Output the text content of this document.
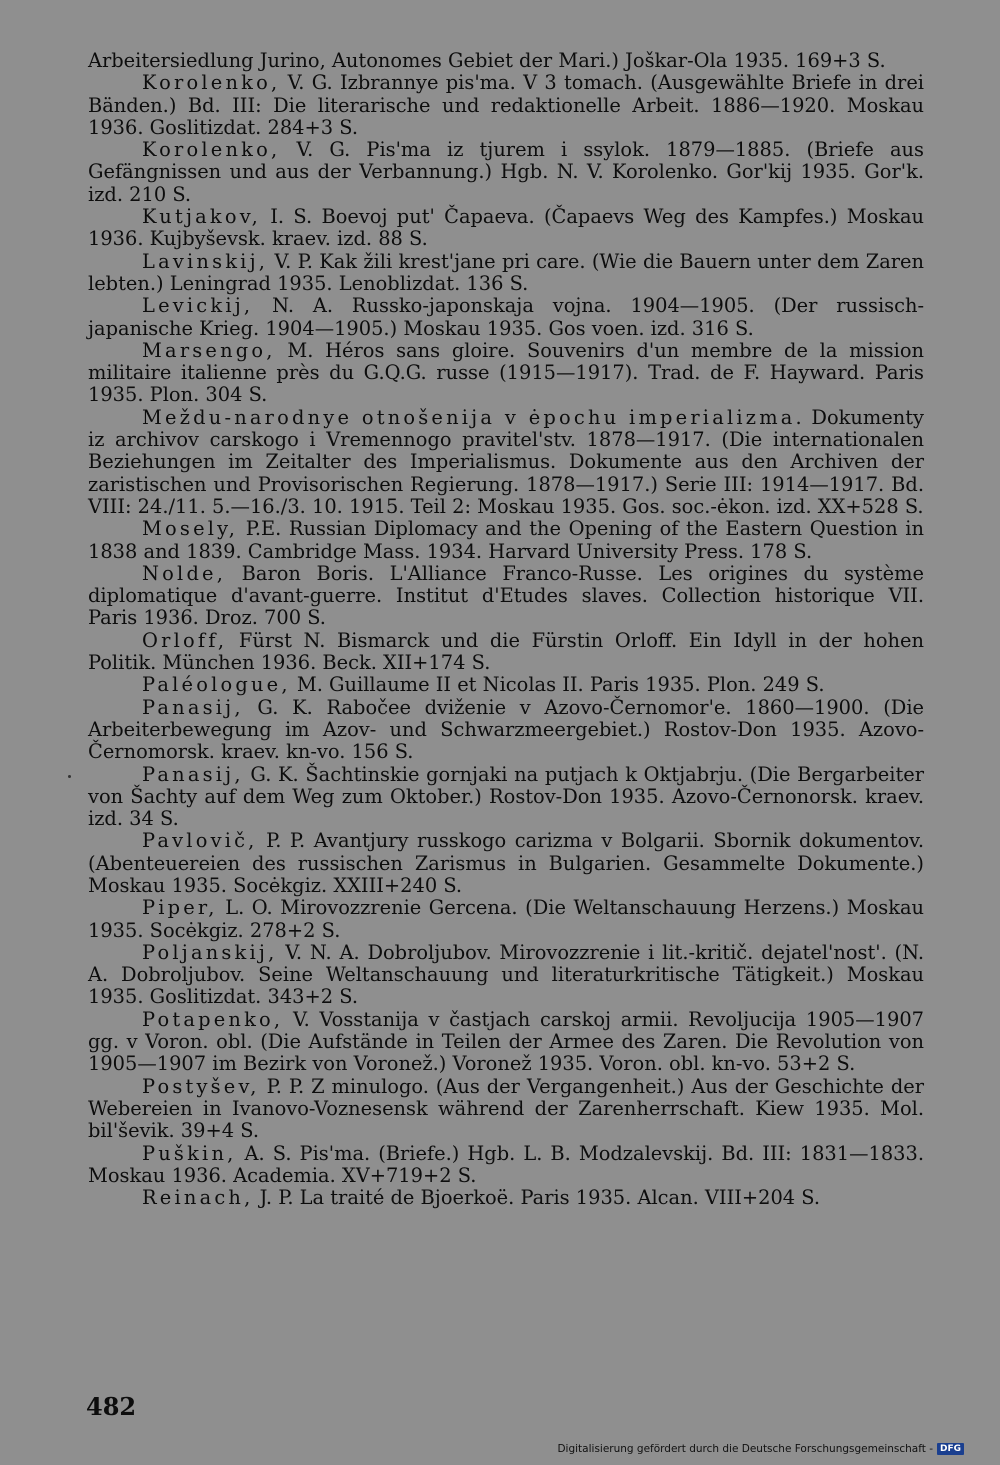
Arbeitersiedlung Jurino, Autonomes Gebiet der Mari.) Joškar-Ola 1935. 169+3 S.

Korolenko, V. G. Izbrannye pis'ma. V 3 tomach. (Ausgewählte Briefe in drei Bänden.) Bd. III: Die literarische und redaktionelle Arbeit. 1886—1920. Moskau 1936. Goslitizdat. 284+3 S.

Korolenko, V. G. Pis'ma iz tjurem i ssylok. 1879—1885. (Briefe aus Gefängnissen und aus der Verbannung.) Hgb. N. V. Korolenko. Gor'kij 1935. Gor'k. izd. 210 S.

Kutjakov, I. S. Boevoj put' Čapaeva. (Čapaevs Weg des Kampfes.) Moskau 1936. Kujbyševsk. kraev. izd. 88 S.

Lavinskij, V. P. Kak žili krest'jane pri care. (Wie die Bauern unter dem Zaren lebten.) Leningrad 1935. Lenoblizdat. 136 S.

Levickij, N. A. Russko-japonskaja vojna. 1904—1905. (Der russisch-japanische Krieg. 1904—1905.) Moskau 1935. Gos voen. izd. 316 S.

Marsengo, M. Héros sans gloire. Souvenirs d'un membre de la mission militaire italienne près du G.Q.G. russe (1915—1917). Trad. de F. Hayward. Paris 1935. Plon. 304 S.

Meždu-narodnye otnošenija v ėpochu imperializma. Dokumenty iz archivov carskogo i Vremennogo pravitel'stv. 1878—1917. (Die internationalen Beziehungen im Zeitalter des Imperialismus. Dokumente aus den Archiven der zaristischen und Provisorischen Regierung. 1878—1917.) Serie III: 1914—1917. Bd. VIII: 24./11. 5.—16./3. 10. 1915. Teil 2: Moskau 1935. Gos. soc.-ėkon. izd. XX+528 S.

Mosely, P.E. Russian Diplomacy and the Opening of the Eastern Question in 1838 and 1839. Cambridge Mass. 1934. Harvard University Press. 178 S.

Nolde, Baron Boris. L'Alliance Franco-Russe. Les origines du système diplomatique d'avant-guerre. Institut d'Etudes slaves. Collection historique VII. Paris 1936. Droz. 700 S.

Orloff, Fürst N. Bismarck und die Fürstin Orloff. Ein Idyll in der hohen Politik. München 1936. Beck. XII+174 S.

Paléologue, M. Guillaume II et Nicolas II. Paris 1935. Plon. 249 S.

Panasij, G. K. Rabočee dviženie v Azovo-Černomor'e. 1860—1900. (Die Arbeiterbewegung im Azov- und Schwarzmeergebiet.) Rostov-Don 1935. Azovo-Černomorsk. kraev. kn-vo. 156 S.

Panasij, G. K. Šachtinskie gornjaki na putjach k Oktjabrju. (Die Bergarbeiter von Šachty auf dem Weg zum Oktober.) Rostov-Don 1935. Azovo-Černonorsk. kraev. izd. 34 S.

Pavlovič, P. P. Avantjury russkogo carizma v Bolgarii. Sbornik dokumentov. (Abenteuereien des russischen Zarismus in Bulgarien. Gesammelte Dokumente.) Moskau 1935. Socėkgiz. XXIII+240 S.

Piper, L. O. Mirovozzrenie Gercena. (Die Weltanschauung Herzens.) Moskau 1935. Socėkgiz. 278+2 S.

Poljanskij, V. N. A. Dobroljubov. Mirovozzrenie i lit.-kritič. dejatel'nost'. (N. A. Dobroljubov. Seine Weltanschauung und literaturkritische Tätigkeit.) Moskau 1935. Goslitizdat. 343+2 S.

Potapenko, V. Vosstanija v častjach carskoj armii. Revoljucija 1905—1907 gg. v Voron. obl. (Die Aufstände in Teilen der Armee des Zaren. Die Revolution von 1905—1907 im Bezirk von Voronež.) Voronež 1935. Voron. obl. kn-vo. 53+2 S.

Postyšev, P. P. Z minulogo. (Aus der Vergangenheit.) Aus der Geschichte der Webereien in Ivanovo-Voznesensk während der Zarenherrschaft. Kiew 1935. Mol. bil'ševik. 39+4 S.

Puškin, A. S. Pis'ma. (Briefe.) Hgb. L. B. Modzalevskij. Bd. III: 1831—1833. Moskau 1936. Academia. XV+719+2 S.

Reinach, J. P. La traité de Bjoerkoë. Paris 1935. Alcan. VIII+204 S.

482
Digitalisierung gefördert durch die Deutsche Forschungsgemeinschaft - DFG
